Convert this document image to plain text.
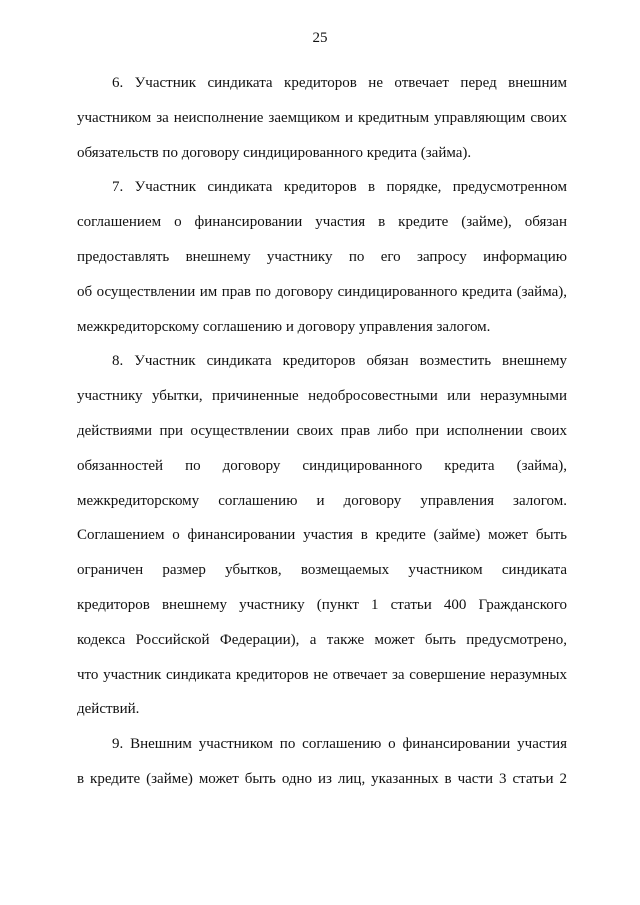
25
6. Участник синдиката кредиторов не отвечает перед внешним
участником за неисполнение заемщиком и кредитным управляющим своих
обязательств по договору синдицированного кредита (займа).
7. Участник синдиката кредиторов в порядке, предусмотренном
соглашением о финансировании участия в кредите (займе), обязан
предоставлять внешнему участнику по его запросу информацию
об осуществлении им прав по договору синдицированного кредита (займа),
межкредиторскому соглашению и договору управления залогом.
8. Участник синдиката кредиторов обязан возместить внешнему
участнику убытки, причиненные недобросовестными или неразумными
действиями при осуществлении своих прав либо при исполнении своих
обязанностей по договору синдицированного кредита (займа),
межкредиторскому соглашению и договору управления залогом.
Соглашением о финансировании участия в кредите (займе) может быть
ограничен размер убытков, возмещаемых участником синдиката
кредиторов внешнему участнику (пункт 1 статьи 400 Гражданского
кодекса Российской Федерации), а также может быть предусмотрено,
что участник синдиката кредиторов не отвечает за совершение неразумных
действий.
9. Внешним участником по соглашению о финансировании участия
в кредите (займе) может быть одно из лиц, указанных в части 3 статьи 2
